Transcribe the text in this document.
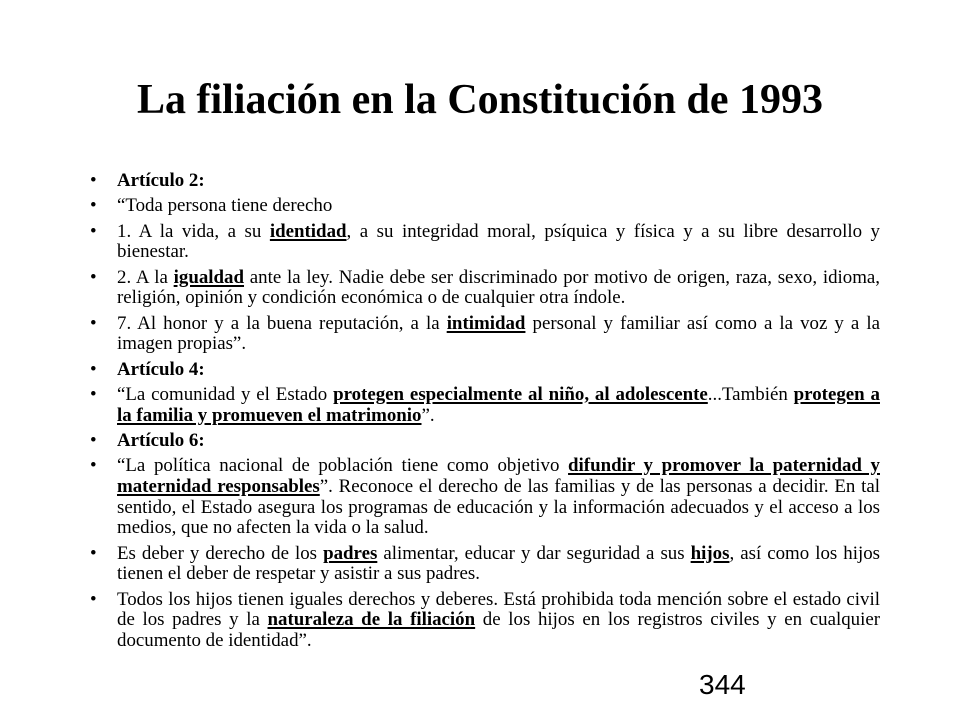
La filiación en la Constitución de 1993
• Artículo 2:
• “Toda persona tiene derecho
• 1. A la vida, a su identidad, a su integridad moral, psíquica y física y a su libre desarrollo y bienestar.
• 2. A la igualdad ante la ley. Nadie debe ser discriminado por motivo de origen, raza, sexo, idioma, religión, opinión y condición económica o de cualquier otra índole.
• 7. Al honor y a la buena reputación, a la intimidad personal y familiar así como a la voz y a la imagen propias”.
• Artículo 4:
• “La comunidad y el Estado protegen especialmente al niño, al adolescente...También protegen a la familia y promueven el matrimonio”.
• Artículo 6:
• “La política nacional de población tiene como objetivo difundir y promover la paternidad y maternidad responsables”. Reconoce el derecho de las familias y de las personas a decidir. En tal sentido, el Estado asegura los programas de educación y la información adecuados y el acceso a los medios, que no afecten la vida o la salud.
• Es deber y derecho de los padres alimentar, educar y dar seguridad a sus hijos, así como los hijos tienen el deber de respetar y asistir a sus padres.
• Todos los hijos tienen iguales derechos y deberes. Está prohibida toda mención sobre el estado civil de los padres y la naturaleza de la filiación de los hijos en los registros civiles y en cualquier documento de identidad”.
344
